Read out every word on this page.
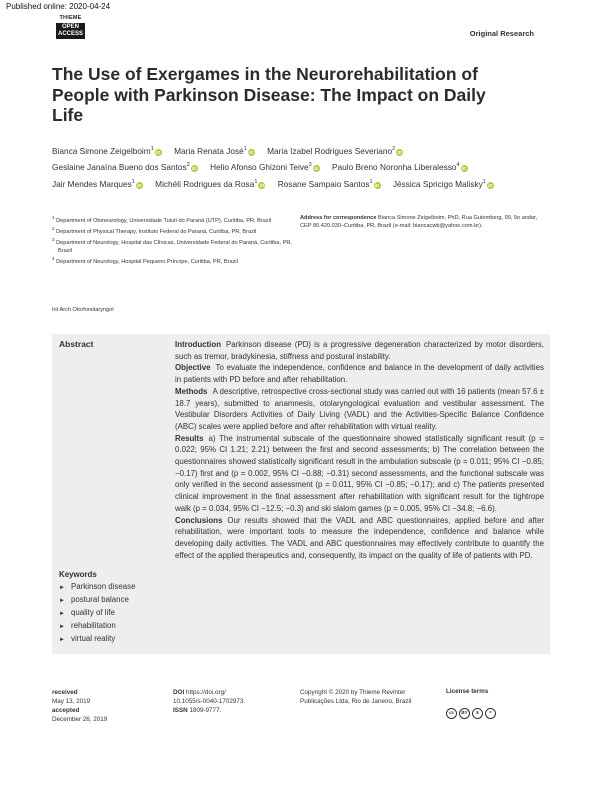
Published online: 2020-04-24
THIEME
OPEN ACCESS	Original Research
The Use of Exergames in the Neurorehabilitation of People with Parkinson Disease: The Impact on Daily Life
Bianca Simone Zeigelboim$^1$iD Maria Renata José$^1$iD Maria Izabel Rodrigues Severiano$^2$iD Geslaine Janaína Bueno dos Santos$^2$iD Helio Afonso Ghizoni Teive$^3$iD Paulo Breno Noronha Liberalesso$^4$iD Jair Mendes Marques$^1$iD Michéli Rodrigues da Rosa$^1$iD Rosane Sampaio Santos$^1$iD Jéssica Spricigo Malisky$^1$iD
$^1$ Department of Otoneurology, Universidade Tuiuti do Paraná (UTP), Curitiba, PR, Brazil
$^2$ Department of Physical Therapy, Instituto Federal do Paraná, Curitiba, PR, Brazil
$^3$ Department of Neurology, Hospital das Clínicas, Universidade Federal do Paraná, Curitiba, PR, Brazil
$^4$ Department of Neurology, Hospital Pequeno Príncipe, Curitiba, PR, Brazil
Address for correspondence Bianca Simone Zeigelboim, PhD, Rua Gutemberg, 99, 9o andar, CEP 80.420.030–Curitiba, PR, Brazil (e-mail: biancacwb@yahoo.com.br).
Int Arch Otorhinolaryngol
Abstract	Introduction Parkinson disease (PD) is a progressive degeneration characterized by motor disorders, such as tremor, bradykinesia, stiffness and postural instability.

Objective To evaluate the independence, confidence and balance in the development of daily activities in patients with PD before and after rehabilitation.

Methods A descriptive, retrospective cross-sectional study was carried out with 16 patients (mean 57.6 ± 18.7 years), submitted to anamnesis, otolaryngological evaluation and vestibular assessment. The Vestibular Disorders Activities of Daily Living (VADL) and the Activities-Specific Balance Confidence (ABC) scales were applied before and after rehabilitation with virtual reality.

Results a) The instrumental subscale of the questionnaire showed statistically significant result (p = 0.022; 95% CI 1.21; 2.21) between the first and second assessments; b) The correlation between the questionnaires showed statistically significant result in the ambulation subscale (p = 0.011; 95% CI −0.85; −0.17) first and (p = 0.002, 95% CI −0.88; −0.31) second assessments, and the functional subscale was only verified in the second assessment (p = 0.011, 95% CI −0.85; −0.17); and c) The patients presented clinical improvement in the final assessment after rehabilitation with significant result for the tightrope walk (p = 0.034, 95% CI −12.5; −0.3) and ski slalom games (p = 0.005, 95% CI −34.8; −6.6).

Conclusions Our results showed that the VADL and ABC questionnaires, applied before and after rehabilitation, were important tools to measure the independence, confidence and balance while developing daily activities. The VADL and ABC questionnaires may effectively contribute to quantify the effect of the applied therapeutics and, consequently, its impact on the quality of life of patients with PD.

Keywords
► Parkinson disease
► postural balance
► quality of life
► rehabilitation
► virtual reality
received
May 13, 2019
accepted
December 26, 2019
DOI https://doi.org/
10.1055/s-0040-1702973.
ISSN 1809-9777.
Copyright © 2020 by Thieme Revinter
Publicações Ltda, Rio de Janeiro, Brazil
License terms
cc BY $ =
